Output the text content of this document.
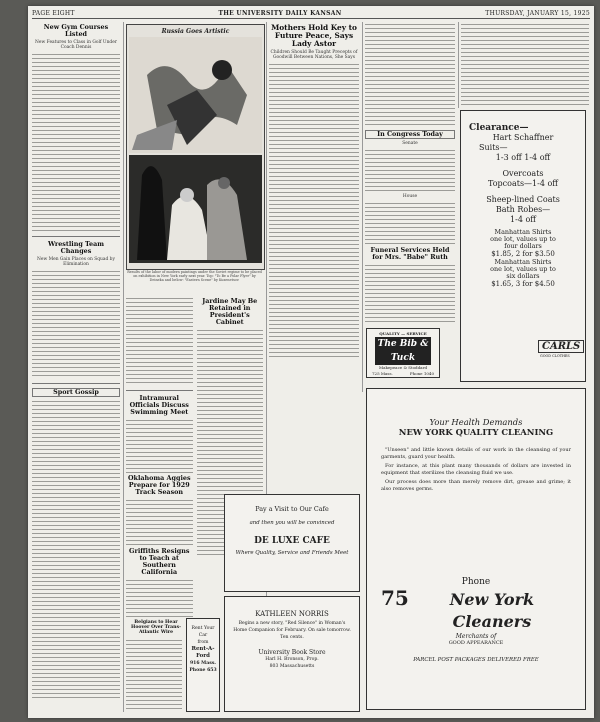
PAGE EIGHT	THE UNIVERSITY DAILY KANSAN	THURSDAY, JANUARY 15, 1925
New Gym Courses Listed
New Features to Class in Golf Under Coach Dennis
Wrestling Team Changes
New Men Gain Places on Squad by Elimination
Sport Gossip
Russia Goes Artistic
Results of the labor of modern paintings under the Soviet regime to be placed on exhibition in New York early next year. Top: "To Be a Polar Flyer" by Deineka and below: "Eastern Scene" by Kuzenetsov.
Intramural Officials Discuss Swimming Meet
Oklahoma Aggies Prepare for 1929 Track Season
Griffiths Resigns to Teach at Southern California
Jardine May Be Retained in President's Cabinet
Belgians to Hear Hoover Over Trans-Atlantic Wire
Rent Your Car
from
Rent-A-Ford
916 Mass.
Phone 653
Mothers Hold Key to Future Peace, Says Lady Astor
Children Should Be Taught Precepts of Goodwill Between Nations, She Says
In Congress Today
Senate
House
Funeral Services Held for Mrs. "Babe" Ruth
Clearance—
Hart Schaffner
Suits—
1-3 off 1-4 off
Overcoats
Topcoats—1-4 off
Sheep-lined Coats
Bath Robes—
1-4 off
Manhattan Shirts
one lot, values up to
four dollars
$1.85, 2 for $3.50
Manhattan Shirts
one lot, values up to
six dollars
$1.65, 3 for $4.50
CARLS
GOOD CLOTHES
QUALITY — SERVICE
The Bib & Tuck
Makepeace & Stoddard
725 Mass.	Phone 1040
Your Health Demands
NEW YORK QUALITY CLEANING

"Unseen" and little known details of our work in the cleansing of your garments, guard your health.

For instance, at this plant many thousands of dollars are invested in equipment that sterilizes the cleansing fluid we use.

Our process does more than merely remove dirt, grease and grime; it also removes germs.

Phone
75	New York Cleaners
Merchants of
GOOD APPEARANCE
PARCEL POST PACKAGES DELIVERED FREE
Pay a Visit to Our Cafe
and then you will be convinced
DE LUXE CAFE
Where Quality, Service and Friends Meet
KATHLEEN NORRIS
Begins a new story, "Red Silence" in Woman's
Home Companion for February. On sale tomorrow.
Ten cents.
University Book Store
Harl H. Bronson, Prop.
803 Massachusetts
